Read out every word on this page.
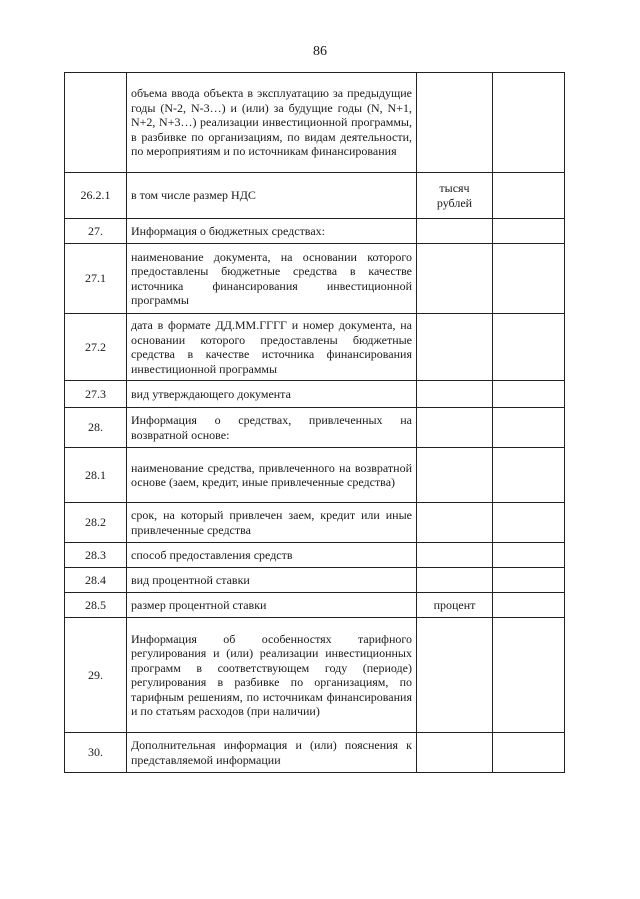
86
	объема ввода объекта в эксплуатацию за предыдущие годы (N-2, N-3…) и (или) за будущие годы (N, N+1, N+2, N+3…) реализации инвестиционной программы, в разбивке по организациям, по видам деятельности, по мероприятиям и по источникам финансирования		
26.2.1	в том числе размер НДС	тысяч рублей	
27.	Информация о бюджетных средствах:		
27.1	наименование документа, на основании которого предоставлены бюджетные средства в качестве источника финансирования инвестиционной программы		
27.2	дата в формате ДД.ММ.ГГГГ и номер документа, на основании которого предоставлены бюджетные средства в качестве источника финансирования инвестиционной программы		
27.3	вид утверждающего документа		
28.	Информация о средствах, привлеченных на возвратной основе:		
28.1	наименование средства, привлеченного на возвратной основе (заем, кредит, иные привлеченные средства)		
28.2	срок, на который привлечен заем, кредит или иные привлеченные средства		
28.3	способ предоставления средств		
28.4	вид процентной ставки		
28.5	размер процентной ставки	процент	
29.	Информация об особенностях тарифного регулирования и (или) реализации инвестиционных программ в соответствующем году (периоде) регулирования в разбивке по организациям, по тарифным решениям, по источникам финансирования и по статьям расходов (при наличии)		
30.	Дополнительная информация и (или) пояснения к представляемой информации		
